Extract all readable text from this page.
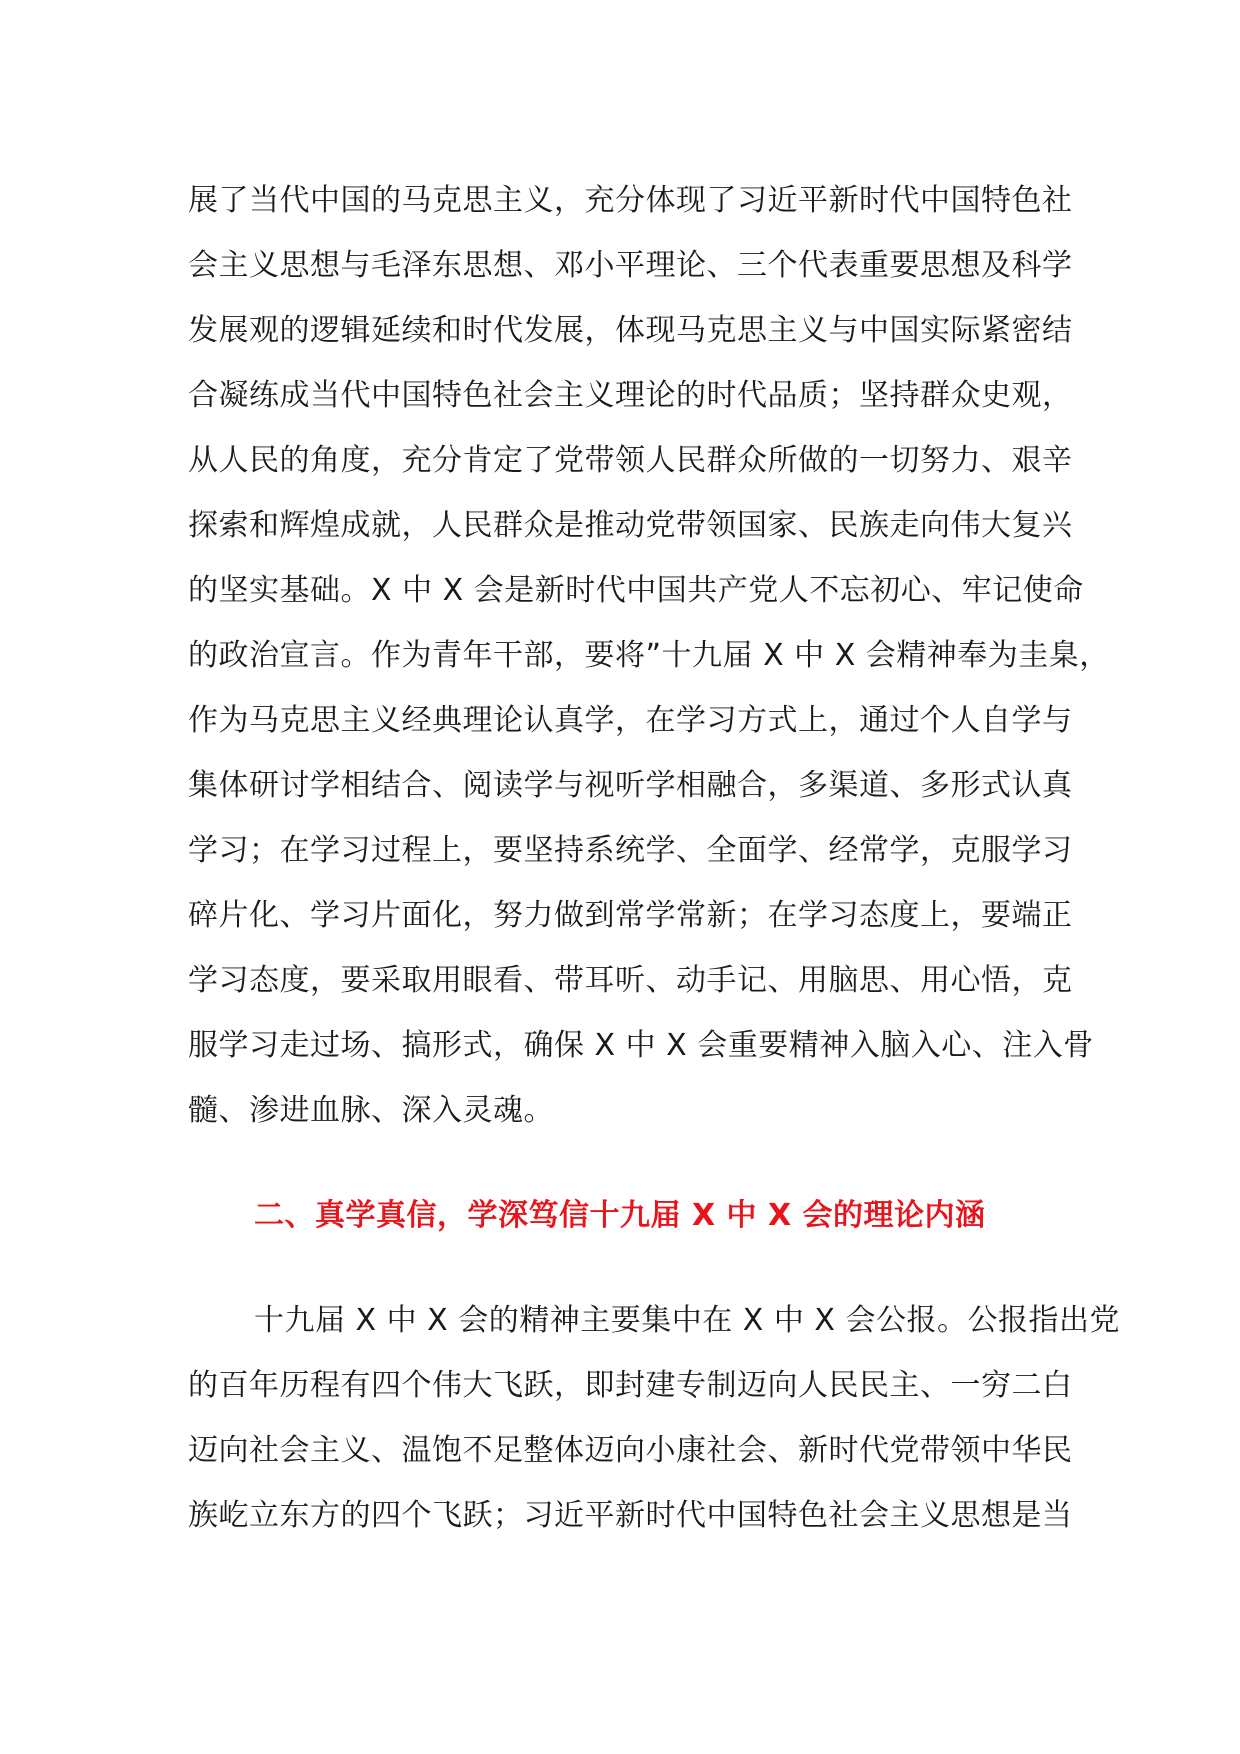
展了当代中国的马克思主义，充分体现了习近平新时代中国特色社
会主义思想与毛泽东思想、邓小平理论、三个代表重要思想及科学
发展观的逻辑延续和时代发展，体现马克思主义与中国实际紧密结
合凝练成当代中国特色社会主义理论的时代品质；坚持群众史观，
从人民的角度，充分肯定了党带领人民群众所做的一切努力、艰辛
探索和辉煌成就，人民群众是推动党带领国家、民族走向伟大复兴
的坚实基础。X 中 X 会是新时代中国共产党人不忘初心、牢记使命
的政治宣言。作为青年干部，要将”十九届 X 中 X 会精神奉为圭臬，
作为马克思主义经典理论认真学，在学习方式上，通过个人自学与
集体研讨学相结合、阅读学与视听学相融合，多渠道、多形式认真
学习；在学习过程上，要坚持系统学、全面学、经常学，克服学习
碎片化、学习片面化，努力做到常学常新；在学习态度上，要端正
学习态度，要采取用眼看、带耳听、动手记、用脑思、用心悟，克
服学习走过场、搞形式，确保 X 中 X 会重要精神入脑入心、注入骨
髓、渗进血脉、深入灵魂。

二、真学真信，学深笃信十九届 X 中 X 会的理论内涵

十九届 X 中 X 会的精神主要集中在 X 中 X 会公报。公报指出党
的百年历程有四个伟大飞跃，即封建专制迈向人民民主、一穷二白
迈向社会主义、温饱不足整体迈向小康社会、新时代党带领中华民
族屹立东方的四个飞跃；习近平新时代中国特色社会主义思想是当
